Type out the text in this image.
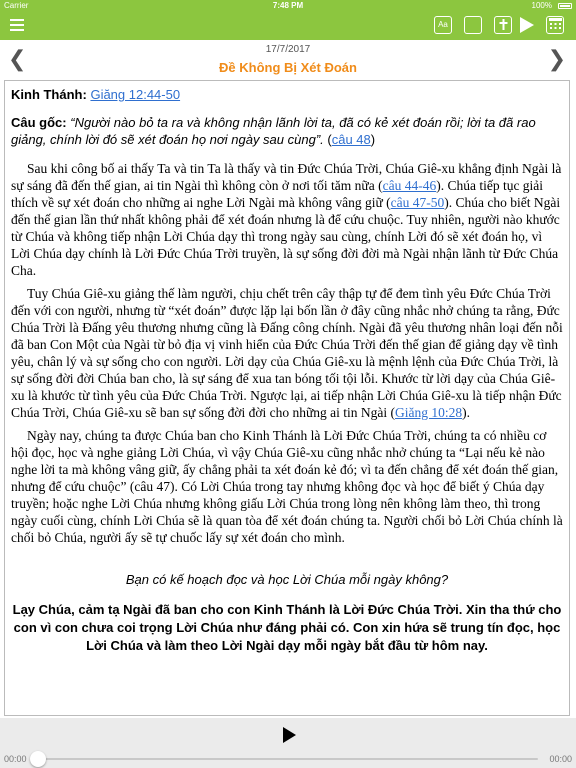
Carrier	7:48 PM	100%
Aa
❮	17/7/2017
Đề Không Bị Xét Đoán	❯
Kinh Thánh: Giăng 12:44-50
Câu gốc: “Người nào bỏ ta ra và không nhận lãnh lời ta, đã có kẻ xét đoán rồi; lời ta đã rao giảng, chính lời đó sẽ xét đoán họ nơi ngày sau cùng”. (câu 48)

Sau khi công bố ai thấy Ta và tin Ta là thấy và tin Đức Chúa Trời, Chúa Giê-xu khẳng định Ngài là sự sáng đã đến thế gian, ai tin Ngài thì không còn ở nơi tối tăm nữa (câu 44-46). Chúa tiếp tục giải thích về sự xét đoán cho những ai nghe Lời Ngài mà không vâng giữ (câu 47-50). Chúa cho biết Ngài đến thế gian lần thứ nhất không phải để xét đoán nhưng là để cứu chuộc. Tuy nhiên, người nào khước từ Chúa và không tiếp nhận Lời Chúa dạy thì trong ngày sau cùng, chính Lời đó sẽ xét đoán họ, vì Lời Chúa dạy chính là Lời Đức Chúa Trời truyền, là sự sống đời đời mà Ngài nhận lãnh từ Đức Chúa Cha.

Tuy Chúa Giê-xu giảng thế làm người, chịu chết trên cây thập tự để đem tình yêu Đức Chúa Trời đến với con người, nhưng từ “xét đoán” được lặp lại bốn lần ở đây cũng nhắc nhở chúng ta rằng, Đức Chúa Trời là Đấng yêu thương nhưng cũng là Đấng công chính. Ngài đã yêu thương nhân loại đến nỗi đã ban Con Một của Ngài từ bỏ địa vị vinh hiển của Đức Chúa Trời đến thế gian để giảng dạy về tình yêu, chân lý và sự sống cho con người. Lời dạy của Chúa Giê-xu là mệnh lệnh của Đức Chúa Trời, là sự sống đời đời Chúa ban cho, là sự sáng để xua tan bóng tối tội lỗi. Khước từ lời dạy của Chúa Giê-xu là khước từ tình yêu của Đức Chúa Trời. Ngược lại, ai tiếp nhận Lời Chúa Giê-xu là tiếp nhận Đức Chúa Trời, Chúa Giê-xu sẽ ban sự sống đời đời cho những ai tin Ngài (Giăng 10:28).

Ngày nay, chúng ta được Chúa ban cho Kinh Thánh là Lời Đức Chúa Trời, chúng ta có nhiều cơ hội đọc, học và nghe giảng Lời Chúa, vì vậy Chúa Giê-xu cũng nhắc nhở chúng ta “Lại nếu kẻ nào nghe lời ta mà không vâng giữ, ấy chẳng phải ta xét đoán kẻ đó; vì ta đến chẳng để xét đoán thế gian, nhưng để cứu chuộc” (câu 47). Có Lời Chúa trong tay nhưng không đọc và học để biết ý Chúa dạy truyền; hoặc nghe Lời Chúa nhưng không giấu Lời Chúa trong lòng nên không làm theo, thì trong ngày cuối cùng, chính Lời Chúa sẽ là quan tòa để xét đoán chúng ta. Người chối bỏ Lời Chúa chính là chối bỏ Chúa, người ấy sẽ tự chuốc lấy sự xét đoán cho mình.

Bạn có kế hoạch đọc và học Lời Chúa mỗi ngày không?
Lạy Chúa, cảm tạ Ngài đã ban cho con Kinh Thánh là Lời Đức Chúa Trời. Xin tha thứ cho con vì con chưa coi trọng Lời Chúa như đáng phải có. Con xin hứa sẽ trung tín đọc, học Lời Chúa và làm theo Lời Ngài dạy mỗi ngày bắt đầu từ hôm nay.
00:00	00:00
